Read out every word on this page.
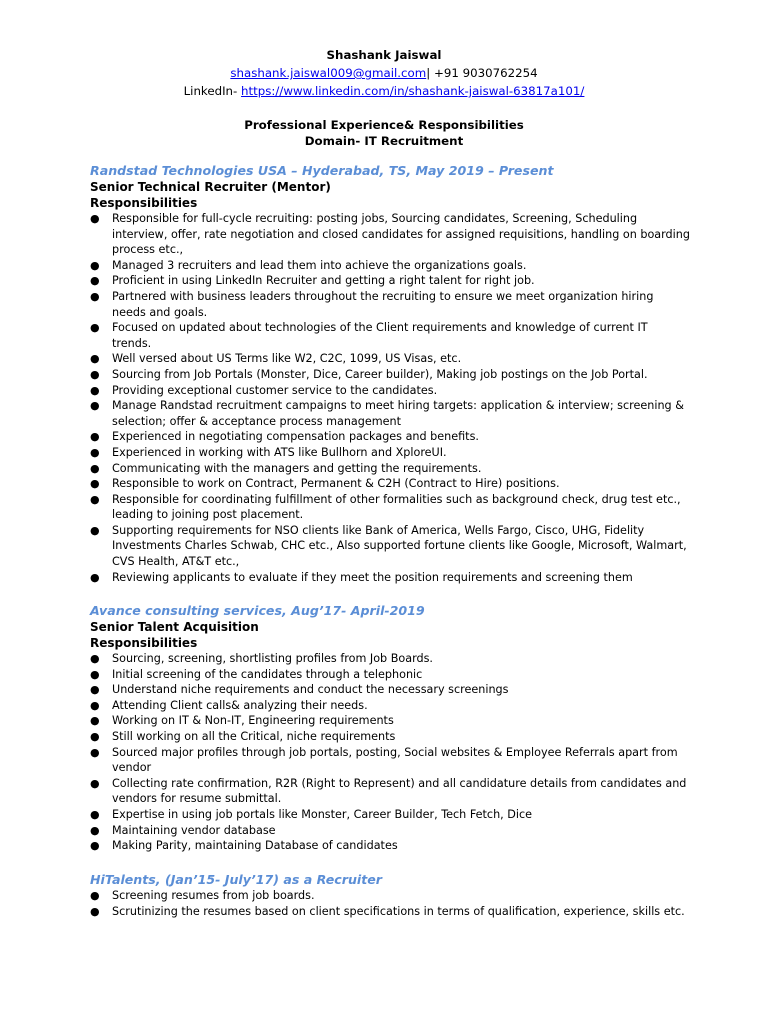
Shashank Jaiswal
shashank.jaiswal009@gmail.com| +91 9030762254
LinkedIn- https://www.linkedin.com/in/shashank-jaiswal-63817a101/
Professional Experience& Responsibilities
Domain- IT Recruitment
Randstad Technologies USA – Hyderabad, TS, May 2019 – Present
Senior Technical Recruiter (Mentor)
Responsibilities
● Responsible for full-cycle recruiting: posting jobs, Sourcing candidates, Screening, Scheduling interview, offer, rate negotiation and closed candidates for assigned requisitions, handling on boarding process etc.,
● Managed 3 recruiters and lead them into achieve the organizations goals.
● Proficient in using LinkedIn Recruiter and getting a right talent for right job.
● Partnered with business leaders throughout the recruiting to ensure we meet organization hiring needs and goals.
● Focused on updated about technologies of the Client requirements and knowledge of current IT trends.
● Well versed about US Terms like W2, C2C, 1099, US Visas, etc.
● Sourcing from Job Portals (Monster, Dice, Career builder), Making job postings on the Job Portal.
● Providing exceptional customer service to the candidates.
● Manage Randstad recruitment campaigns to meet hiring targets: application & interview; screening & selection; offer & acceptance process management
● Experienced in negotiating compensation packages and benefits.
● Experienced in working with ATS like Bullhorn and XploreUI.
● Communicating with the managers and getting the requirements.
● Responsible to work on Contract, Permanent & C2H (Contract to Hire) positions.
● Responsible for coordinating fulfillment of other formalities such as background check, drug test etc., leading to joining post placement.
● Supporting requirements for NSO clients like Bank of America, Wells Fargo, Cisco, UHG, Fidelity Investments Charles Schwab, CHC etc., Also supported fortune clients like Google, Microsoft, Walmart, CVS Health, AT&T etc.,
● Reviewing applicants to evaluate if they meet the position requirements and screening them
Avance consulting services, Aug’17- April-2019
Senior Talent Acquisition
Responsibilities
● Sourcing, screening, shortlisting profiles from Job Boards.
● Initial screening of the candidates through a telephonic
● Understand niche requirements and conduct the necessary screenings
● Attending Client calls& analyzing their needs.
● Working on IT & Non-IT, Engineering requirements
● Still working on all the Critical, niche requirements
● Sourced major profiles through job portals, posting, Social websites & Employee Referrals apart from vendor
● Collecting rate confirmation, R2R (Right to Represent) and all candidature details from candidates and vendors for resume submittal.
● Expertise in using job portals like Monster, Career Builder, Tech Fetch, Dice
● Maintaining vendor database
● Making Parity, maintaining Database of candidates
HiTalents, (Jan’15- July’17) as a Recruiter
● Screening resumes from job boards.
● Scrutinizing the resumes based on client specifications in terms of qualification, experience, skills etc.
